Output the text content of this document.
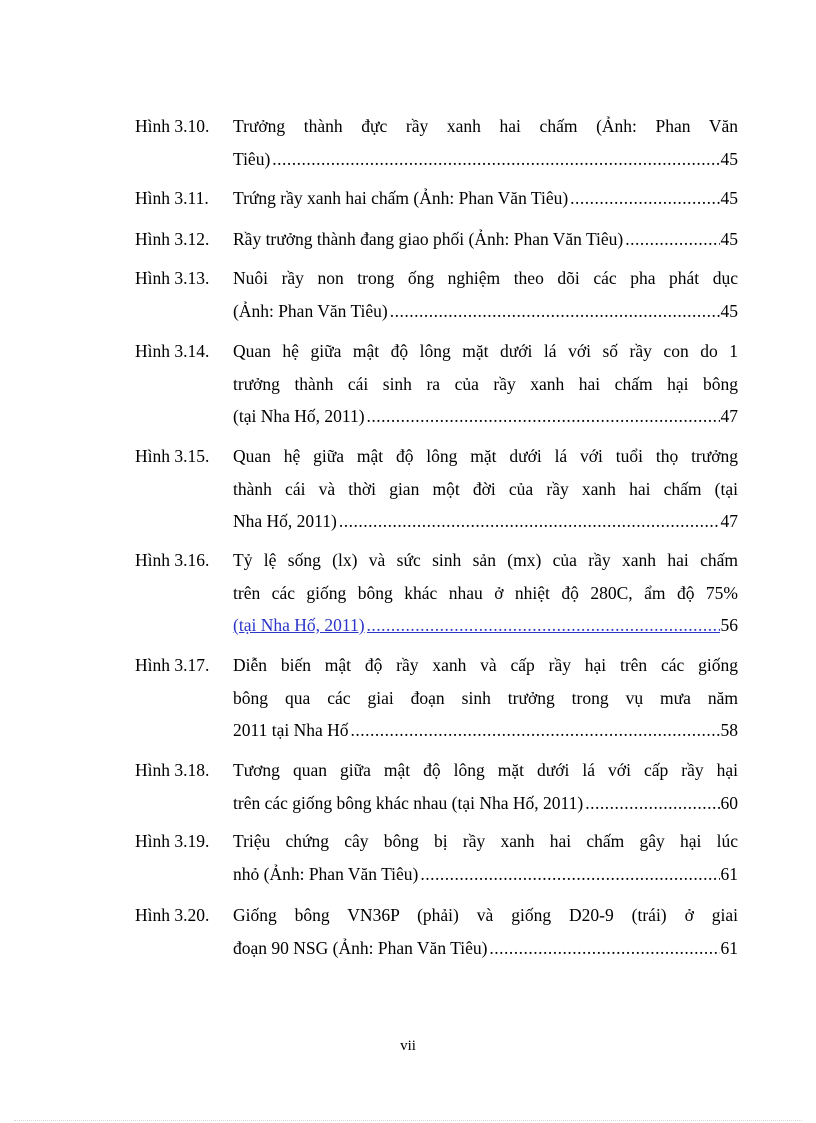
Hình 3.10.	Trưởng thành đực rầy xanh hai chấm (Ảnh: Phan Văn
Tiêu) .....	45
Hình 3.11.	Trứng rầy xanh hai chấm (Ảnh: Phan Văn Tiêu) .....	45
Hình 3.12.	Rầy trưởng thành đang giao phối (Ảnh: Phan Văn Tiêu) .....	45
Hình 3.13.	Nuôi rầy non trong ống nghiệm theo dõi các pha phát dục
(Ảnh: Phan Văn Tiêu) .....	45
Hình 3.14.	Quan hệ giữa mật độ lông mặt dưới lá với số rầy con do 1
trưởng thành cái sinh ra của rầy xanh hai chấm hại bông
(tại Nha Hố, 2011) .....	47
Hình 3.15.	Quan hệ giữa mật độ lông mặt dưới lá với tuổi thọ trưởng
thành cái và thời gian một đời của rầy xanh hai chấm (tại
Nha Hố, 2011) .....	47
Hình 3.16.	Tỷ lệ sống (lx) và sức sinh sản (mx) của rầy xanh hai chấm
trên các giống bông khác nhau ở nhiệt độ 280C, ẩm độ 75%
(tại Nha Hố, 2011) .....	56
Hình 3.17.	Diễn biến mật độ rầy xanh và cấp rầy hại trên các giống
bông qua các giai đoạn sinh trưởng trong vụ mưa năm
2011 tại Nha Hố .....	58
Hình 3.18.	Tương quan giữa mật độ lông mặt dưới lá với cấp rầy hại
trên các giống bông khác nhau (tại Nha Hố, 2011) .....	60
Hình 3.19.	Triệu chứng cây bông bị rầy xanh hai chấm gây hại lúc
nhỏ (Ảnh: Phan Văn Tiêu) .....	61
Hình 3.20.	Giống bông VN36P (phải) và giống D20-9 (trái) ở giai
đoạn 90 NSG (Ảnh: Phan Văn Tiêu) .....	61
vii
